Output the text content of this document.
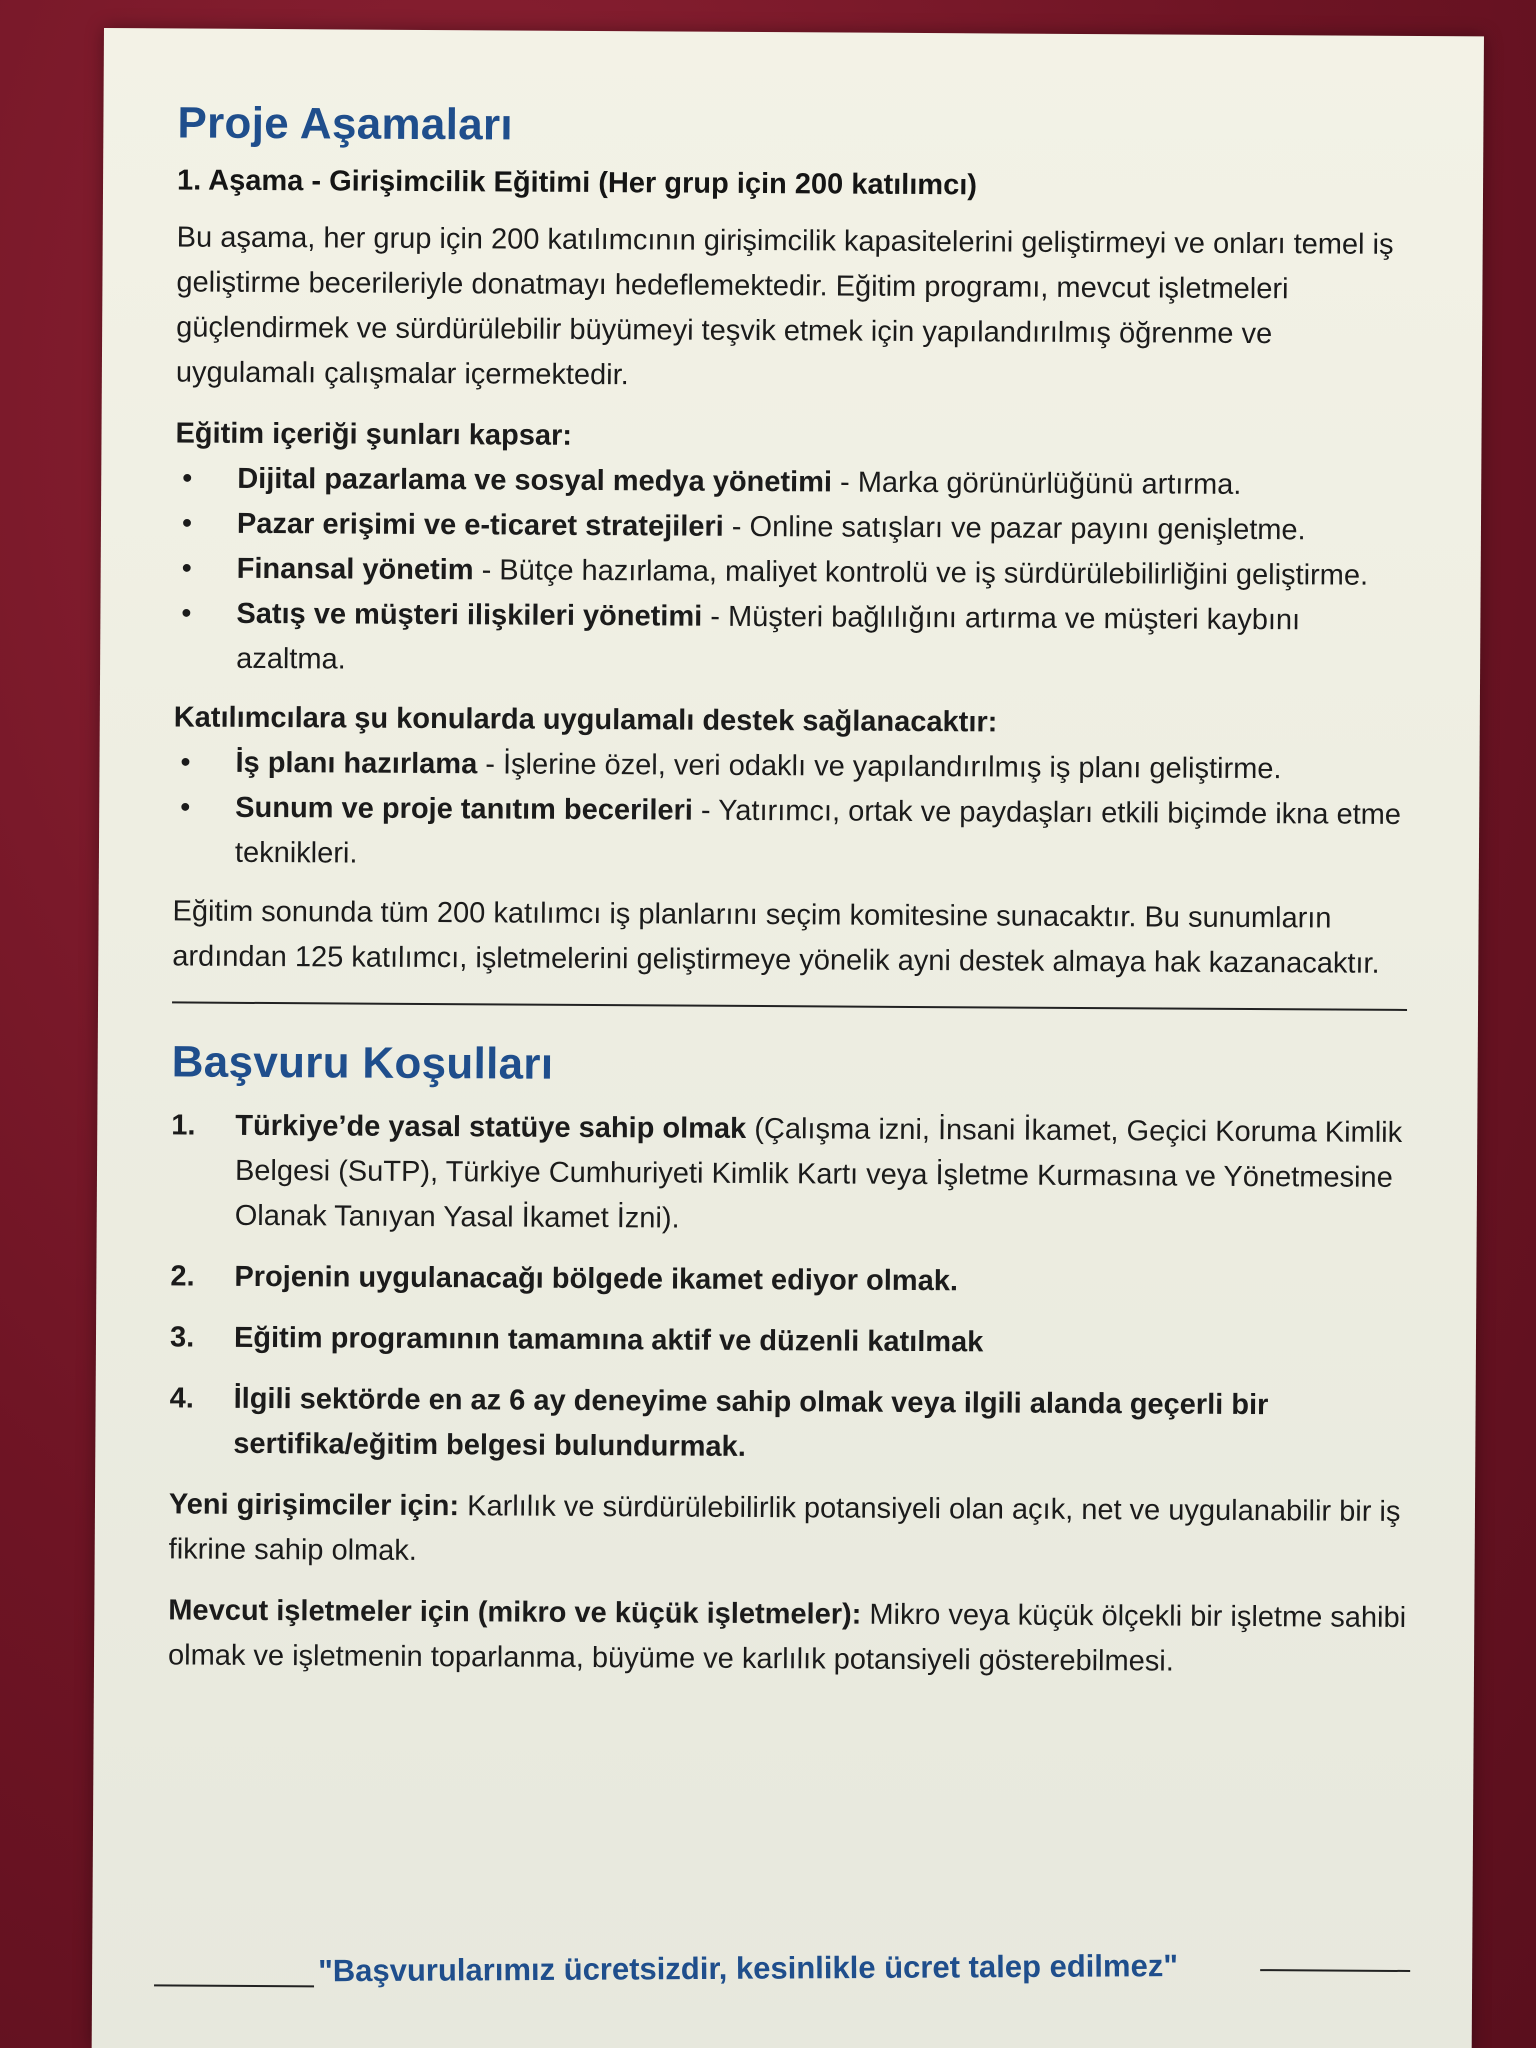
Proje Aşamaları
1. Aşama - Girişimcilik Eğitimi (Her grup için 200 katılımcı)

Bu aşama, her grup için 200 katılımcının girişimcilik kapasitelerini geliştirmeyi ve onları temel iş geliştirme becerileriyle donatmayı hedeflemektedir. Eğitim programı, mevcut işletmeleri güçlendirmek ve sürdürülebilir büyümeyi teşvik etmek için yapılandırılmış öğrenme ve uygulamalı çalışmalar içermektedir.

Eğitim içeriği şunları kapsar:
• Dijital pazarlama ve sosyal medya yönetimi - Marka görünürlüğünü artırma.
• Pazar erişimi ve e-ticaret stratejileri - Online satışları ve pazar payını genişletme.
• Finansal yönetim - Bütçe hazırlama, maliyet kontrolü ve iş sürdürülebilirliğini geliştirme.
• Satış ve müşteri ilişkileri yönetimi - Müşteri bağlılığını artırma ve müşteri kaybını azaltma.
Katılımcılara şu konularda uygulamalı destek sağlanacaktır:
• İş planı hazırlama - İşlerine özel, veri odaklı ve yapılandırılmış iş planı geliştirme.
• Sunum ve proje tanıtım becerileri - Yatırımcı, ortak ve paydaşları etkili biçimde ikna etme teknikleri.

Eğitim sonunda tüm 200 katılımcı iş planlarını seçim komitesine sunacaktır. Bu sunumların ardından 125 katılımcı, işletmelerini geliştirmeye yönelik ayni destek almaya hak kazanacaktır.

Başvuru Koşulları
1. Türkiye’de yasal statüye sahip olmak (Çalışma izni, İnsani İkamet, Geçici Koruma Kimlik Belgesi (SuTP), Türkiye Cumhuriyeti Kimlik Kartı veya İşletme Kurmasına ve Yönetmesine Olanak Tanıyan Yasal İkamet İzni).
2. Projenin uygulanacağı bölgede ikamet ediyor olmak.
3. Eğitim programının tamamına aktif ve düzenli katılmak
4. İlgili sektörde en az 6 ay deneyime sahip olmak veya ilgili alanda geçerli bir sertifika/eğitim belgesi bulundurmak.

Yeni girişimciler için: Karlılık ve sürdürülebilirlik potansiyeli olan açık, net ve uygulanabilir bir iş fikrine sahip olmak.

Mevcut işletmeler için (mikro ve küçük işletmeler): Mikro veya küçük ölçekli bir işletme sahibi olmak ve işletmenin toparlanma, büyüme ve karlılık potansiyeli gösterebilmesi.

"Başvurularımız ücretsizdir, kesinlikle ücret talep edilmez"
